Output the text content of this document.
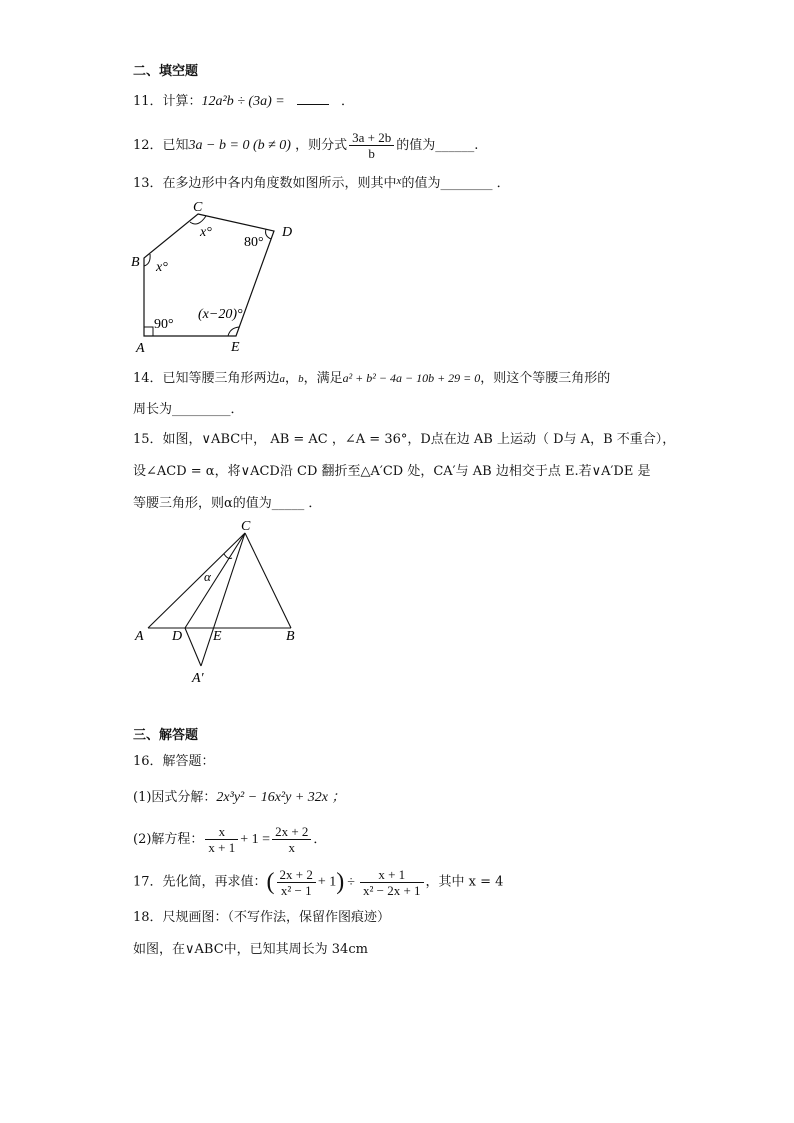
二、填空题
11．计算：12a²b ÷ (3a) =	．
12．已知3a − b = 0 (b ≠ 0) ，则分式 $\frac{3a + 2b}{b}$ 的值为______.
13．在多边形中各内角度数如图所示，则其中$^x$的值为________ ．
C
D
B
A	E
x°
80°
x°
90°
(x−20)°
14．已知等腰三角形两边a，b，满足a² + b² − 4a − 10b + 29 = 0，则这个等腰三角形的
周长为_________．
15．如图，∨ABC中， AB = AC ，∠A = 36°，D点在边 AB 上运动（ D与 A，B 不重合），
设∠ACD = α，将∨ACD沿 CD 翻折至△A′CD 处，CA′与 AB 边相交于点 E.若∨A′DE 是
等腰三角形，则α的值为_____ ．
C
A D E	B
A′
α
三、解答题
16．解答题：
(1)因式分解：2x³y² − 16x²y + 32x ；
(2)解方程： $\frac{x}{x + 1} + 1 = \frac{2x + 2}{x}$ ．
17．先化简，再求值：( $\frac{2x + 2}{\text{x² − 1}} + 1) \div \frac{x + 1}{\text{x² − 2x + 1}}$ ，其中 x = 4
18．尺规画图：（不写作法，保留作图痕迹）
如图，在∨ABC中，已知其周长为 34cm
